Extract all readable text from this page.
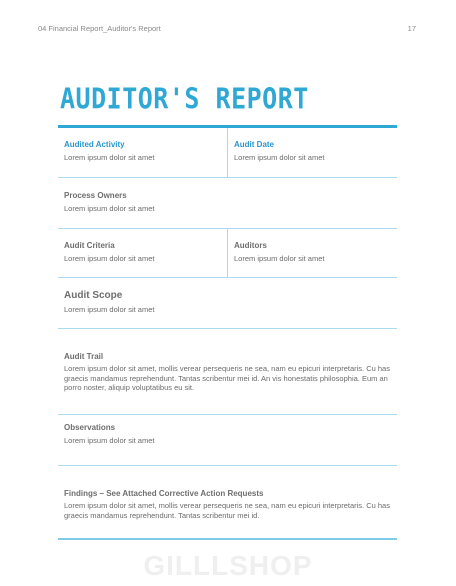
04 Financial Report_Auditor's Report	17
AUDITOR'S REPORT
Audited Activity
Lorem ipsum dolor sit amet
Audit Date
Lorem ipsum dolor sit amet
Process Owners
Lorem ipsum dolor sit amet
Audit Criteria
Lorem ipsum dolor sit amet
Auditors
Lorem ipsum dolor sit amet
Audit Scope
Lorem ipsum dolor sit amet
Audit Trail
Lorem ipsum dolor sit amet, mollis verear persequeris ne sea, nam eu epicuri interpretaris. Cu has graecis mandamus reprehendunt. Tantas scribentur mei id. An vis honestatis philosophia. Eum an porro noster, aliquip voluptatibus eu sit.
Observations
Lorem ipsum dolor sit amet
Findings – See Attached Corrective Action Requests
Lorem ipsum dolor sit amet, mollis verear persequeris ne sea, nam eu epicuri interpretaris. Cu has graecis mandamus reprehendunt. Tantas scribentur mei id.
GILLLSHOP
